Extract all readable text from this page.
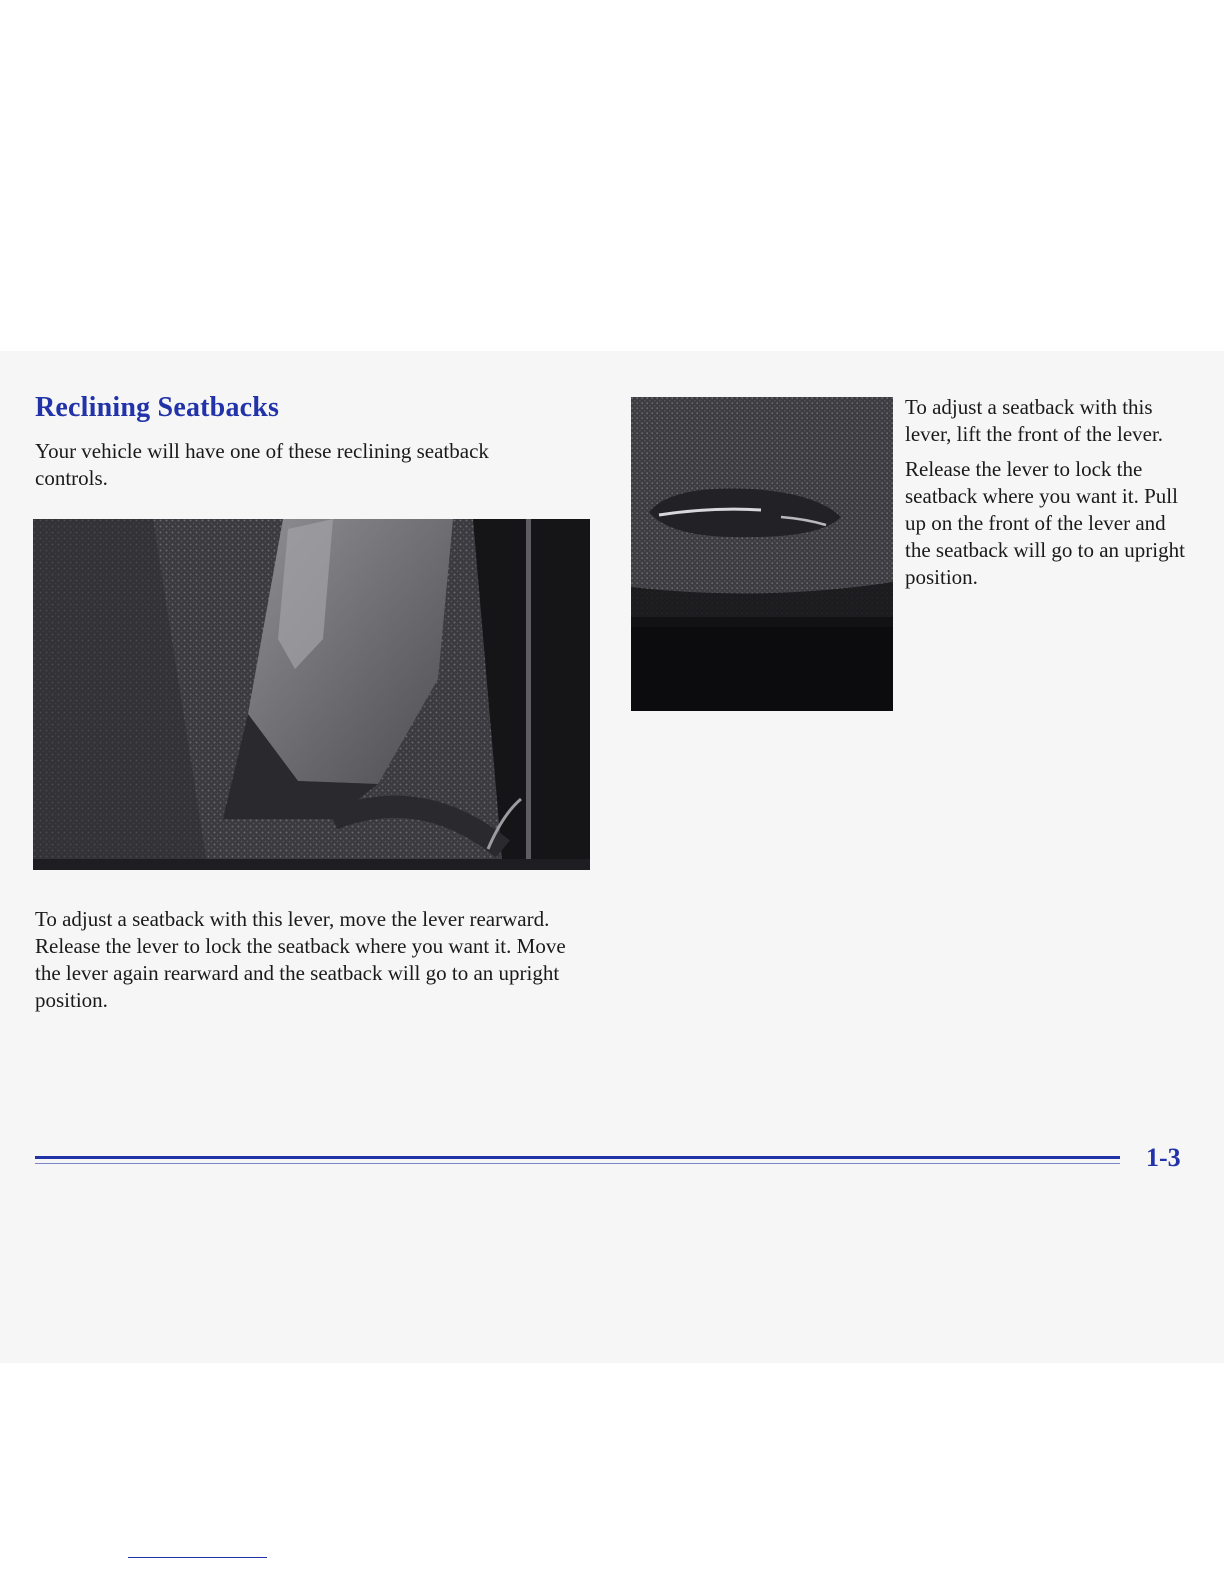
Reclining Seatbacks

Your vehicle will have one of these reclining seatback controls.

To adjust a seatback with this lever, move the lever rearward. Release the lever to lock the seatback where you want it. Move the lever again rearward and the seatback will go to an upright position.

To adjust a seatback with this lever, lift the front of the lever.

Release the lever to lock the seatback where you want it. Pull up on the front of the lever and the seatback will go to an upright position.

1-3
